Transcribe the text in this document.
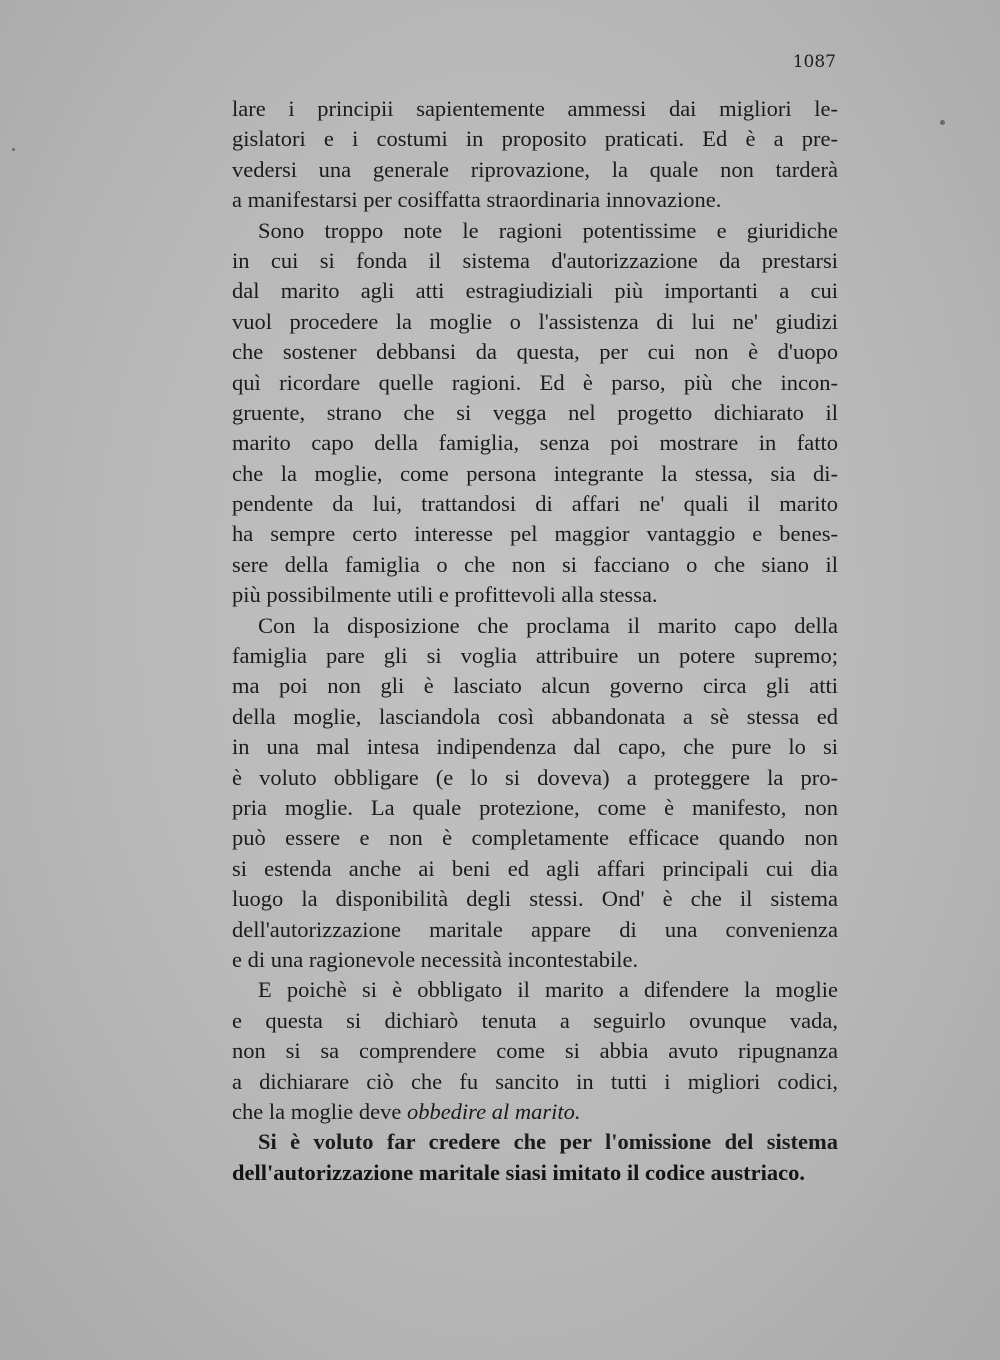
1087
lare i principii sapientemente ammessi dai migliori le-
gislatori e i costumi in proposito praticati. Ed è a pre-
vedersi una generale riprovazione, la quale non tarderà
a manifestarsi per cosiffatta straordinaria innovazione.
Sono troppo note le ragioni potentissime e giuridiche
in cui si fonda il sistema d'autorizzazione da prestarsi
dal marito agli atti estragiudiziali più importanti a cui
vuol procedere la moglie o l'assistenza di lui ne' giudizi
che sostener debbansi da questa, per cui non è d'uopo
quì ricordare quelle ragioni. Ed è parso, più che incon-
gruente, strano che si vegga nel progetto dichiarato il
marito capo della famiglia, senza poi mostrare in fatto
che la moglie, come persona integrante la stessa, sia di-
pendente da lui, trattandosi di affari ne' quali il marito
ha sempre certo interesse pel maggior vantaggio e benes-
sere della famiglia o che non si facciano o che siano il
più possibilmente utili e profittevoli alla stessa.
Con la disposizione che proclama il marito capo della
famiglia pare gli si voglia attribuire un potere supremo;
ma poi non gli è lasciato alcun governo circa gli atti
della moglie, lasciandola così abbandonata a sè stessa ed
in una mal intesa indipendenza dal capo, che pure lo si
è voluto obbligare (e lo si doveva) a proteggere la pro-
pria moglie. La quale protezione, come è manifesto, non
può essere e non è completamente efficace quando non
si estenda anche ai beni ed agli affari principali cui dia
luogo la disponibilità degli stessi. Ond' è che il sistema
dell'autorizzazione maritale appare di una convenienza
e di una ragionevole necessità incontestabile.
E poichè si è obbligato il marito a difendere la moglie
e questa si dichiarò tenuta a seguirlo ovunque vada,
non si sa comprendere come si abbia avuto ripugnanza
a dichiarare ciò che fu sancito in tutti i migliori codici,
che la moglie deve obbedire al marito.
Si è voluto far credere che per l'omissione del sistema
dell'autorizzazione maritale siasi imitato il codice austriaco.
